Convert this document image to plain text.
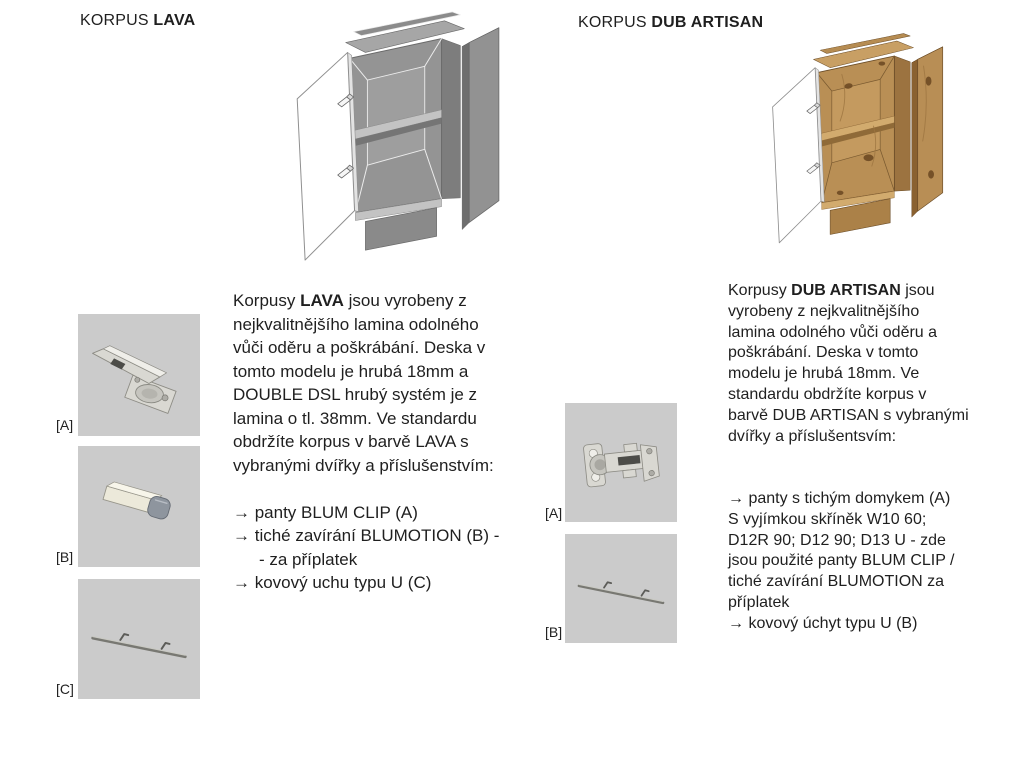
KORPUS LAVA	KORPUS DUB ARTISAN
Korpusy LAVA jsou vyrobeny z
nejkvalitnějšího lamina odolného
vůči oděru a poškrábání. Deska v
tomto modelu je hrubá 18mm a
DOUBLE DSL hrubý systém je z
lamina o tl. 38mm. Ve standardu
obdržíte korpus v barvě LAVA s
vybranými dvířky a příslušenstvím:

→ panty BLUM CLIP (A)
→ tiché zavírání BLUMOTION (B) -
- za příplatek
→ kovový uchu typu U (C)
Korpusy DUB ARTISAN jsou
vyrobeny z nejkvalitnějšího
lamina odolného vůči oděru a
poškrábání. Deska v tomto
modelu je hrubá 18mm. Ve
standardu obdržíte korpus v
barvě DUB ARTISAN s vybranými
dvířky a příslušentsvím:

→ panty s tichým domykem (A)
S vyjímkou skříněk W10 60;
D12R 90; D12 90; D13 U - zde
jsou použité panty BLUM CLIP /
tiché zavírání BLUMOTION za
příplatek
→ kovový úchyt typu U (B)
[A]
[B]
[C]
[A]
[B]
